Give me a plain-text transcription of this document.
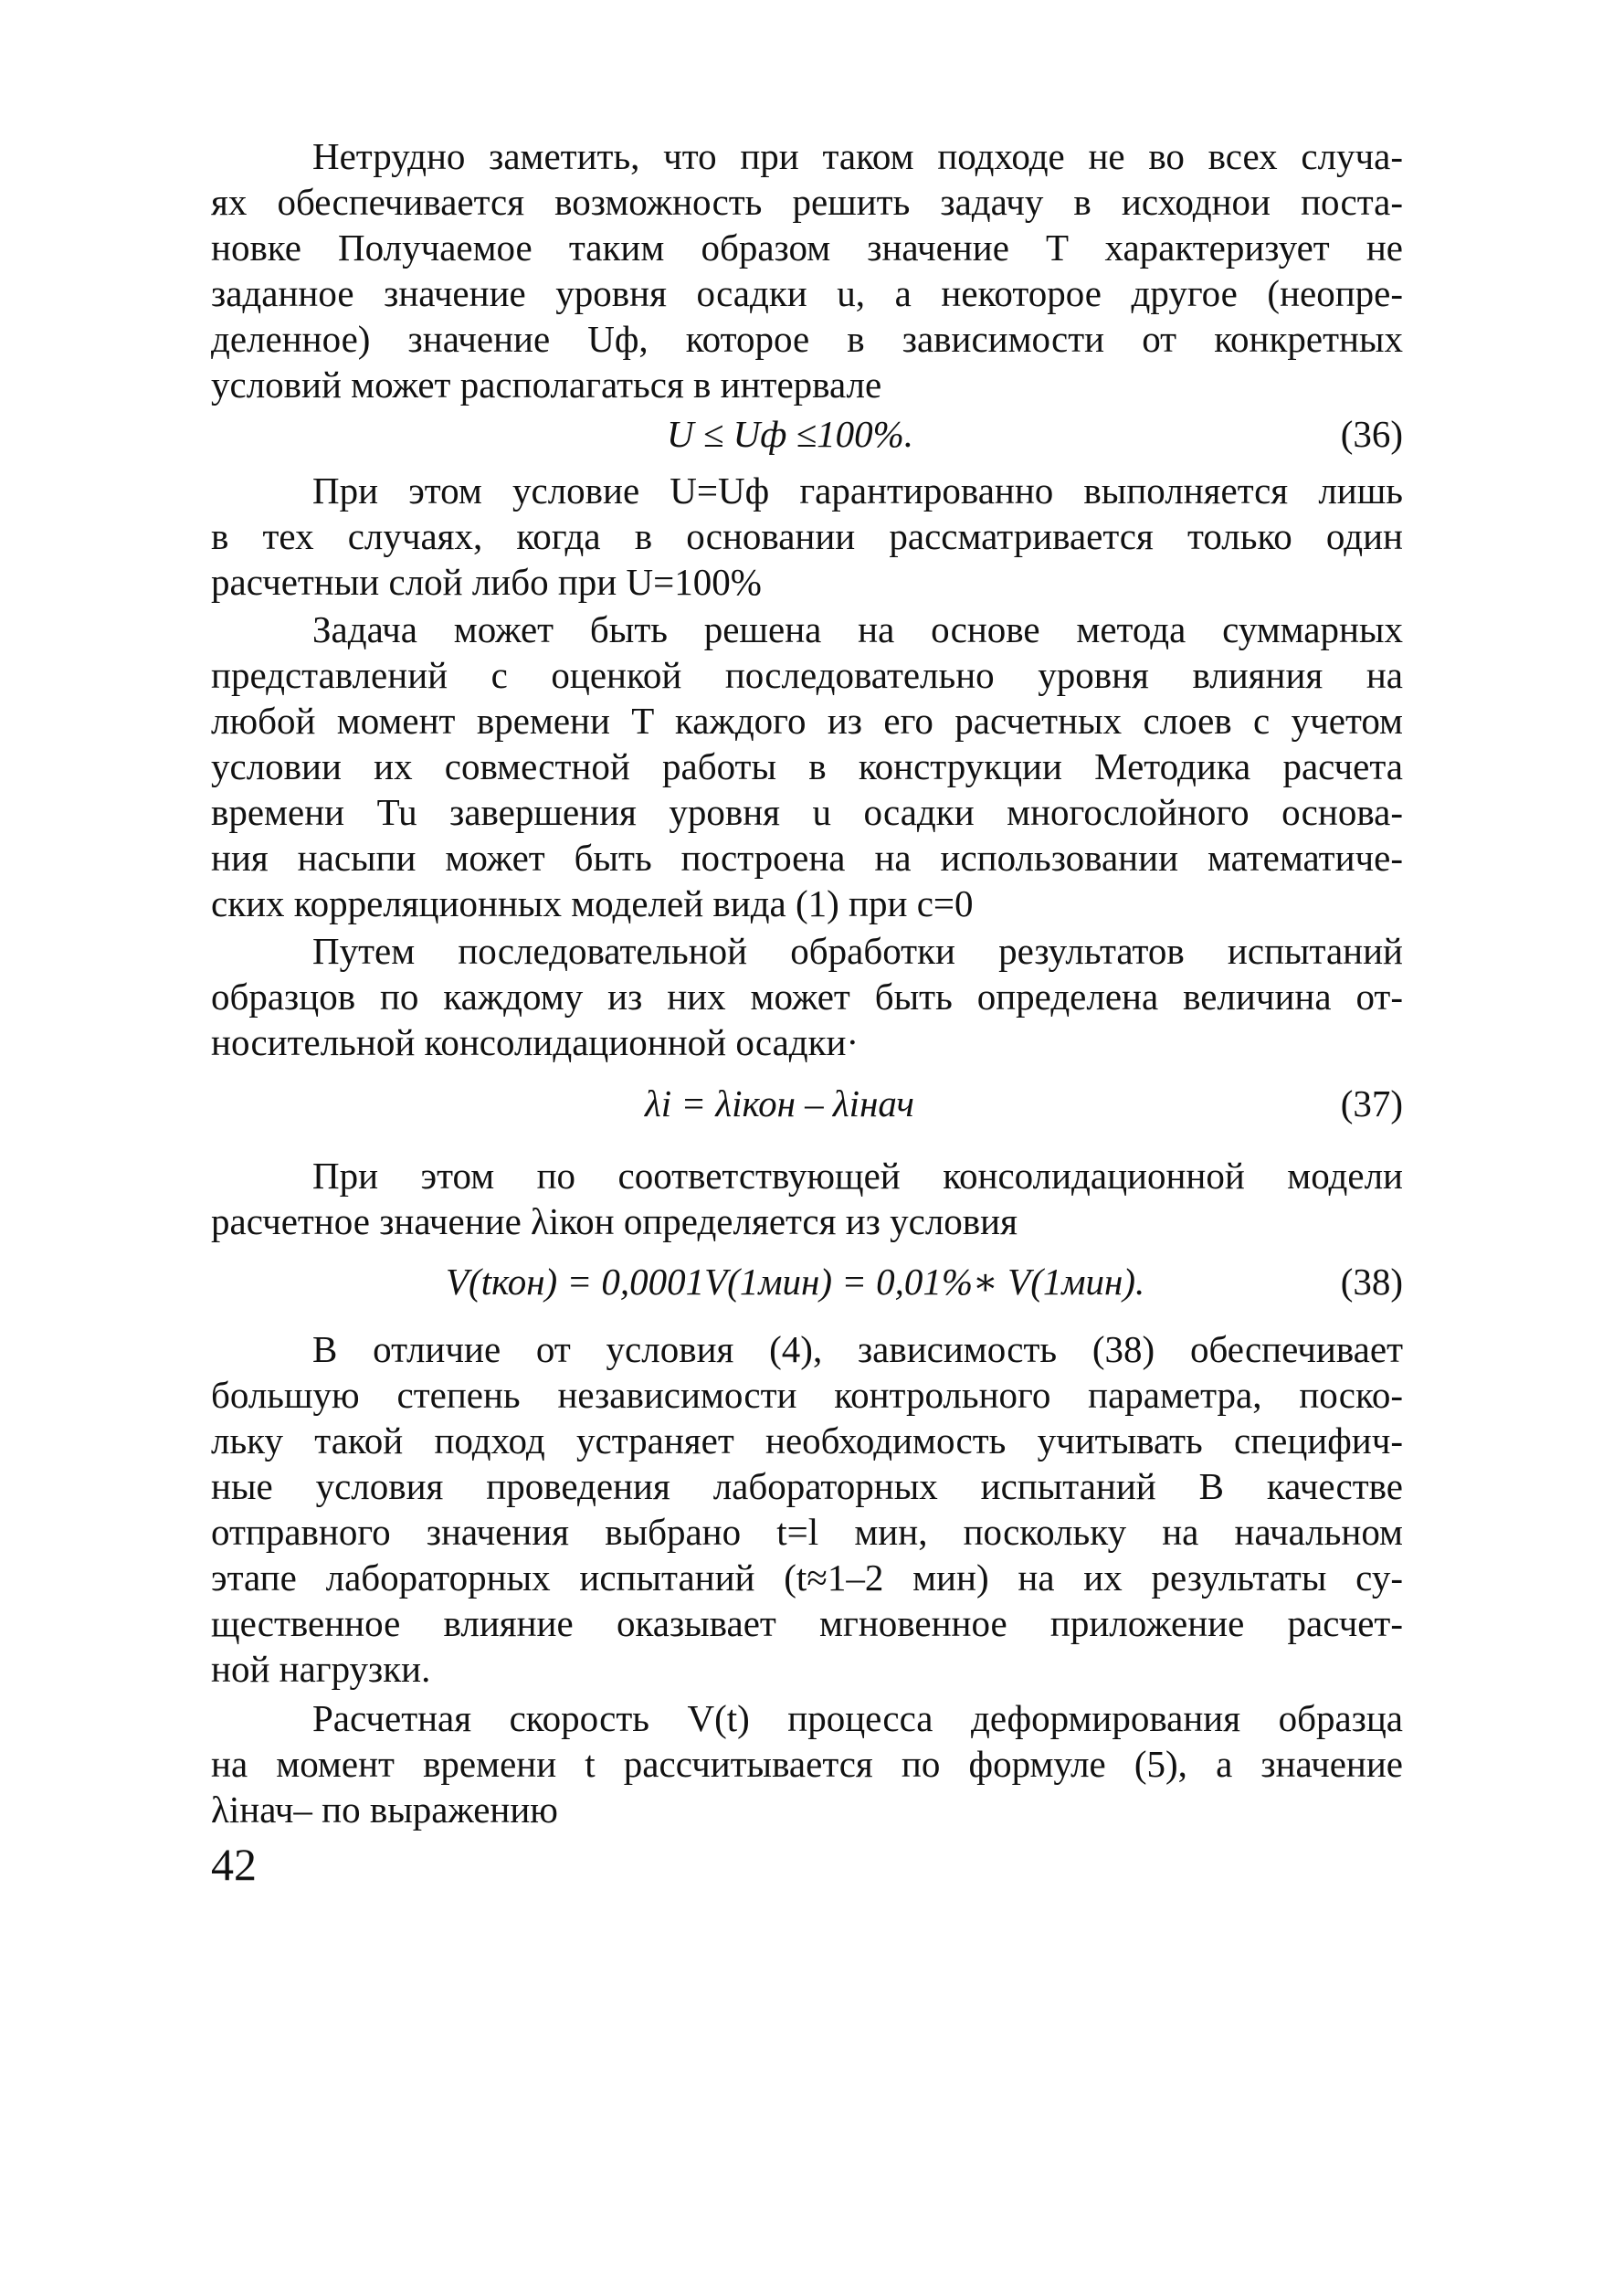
Нетрудно заметить, что при таком подходе не во всех случа-
ях обеспечивается возможность решить задачу в исходнои поста-
новке Получаемое таким образом значение T характеризует не
заданное значение уровня осадки u, а некоторое другое (неопре-
деленное) значение Uф, которое в зависимости от конкретных
условий может располагаться в интервале
U ≤ Uф ≤100%.	(36)
При этом условие U=Uф гарантированно выполняется лишь
в тех случаях, когда в основании рассматривается только один
расчетныи слой либо при U=100%
Задача может быть решена на основе метода суммарных
представлений с оценкой последовательно уровня влияния на
любой момент времени T каждого из его расчетных слоев с учетом
условии их совместной работы в конструкции Методика расчета
времени Tu завершения уровня u осадки многослойного основа-
ния насыпи может быть построена на использовании математиче-
ских корреляционных моделей вида (1) при c=0
Путем последовательной обработки результатов испытаний
образцов по каждому из них может быть определена величина от-
носительной консолидационной осадки·
λi = λiкон – λiнач	(37)
При этом по соответствующей консолидационной модели
расчетное значение λiкон определяется из условия
V(tкон) = 0,0001V(1мин) = 0,01%∗ V(1мин).	(38)
В отличие от условия (4), зависимость (38) обеспечивает
большую степень независимости контрольного параметра, поско-
льку такой подход устраняет необходимость учитывать специфич-
ные условия проведения лабораторных испытаний В качестве
отправного значения выбрано t=l мин, поскольку на начальном
этапе лабораторных испытаний (t≈1–2 мин) на их результаты су-
щественное влияние оказывает мгновенное приложение расчет-
ной нагрузки.
Расчетная скорость V(t) процесса деформирования образца
на момент времени t рассчитывается по формуле (5), а значение
λiнач– по выражению
42
